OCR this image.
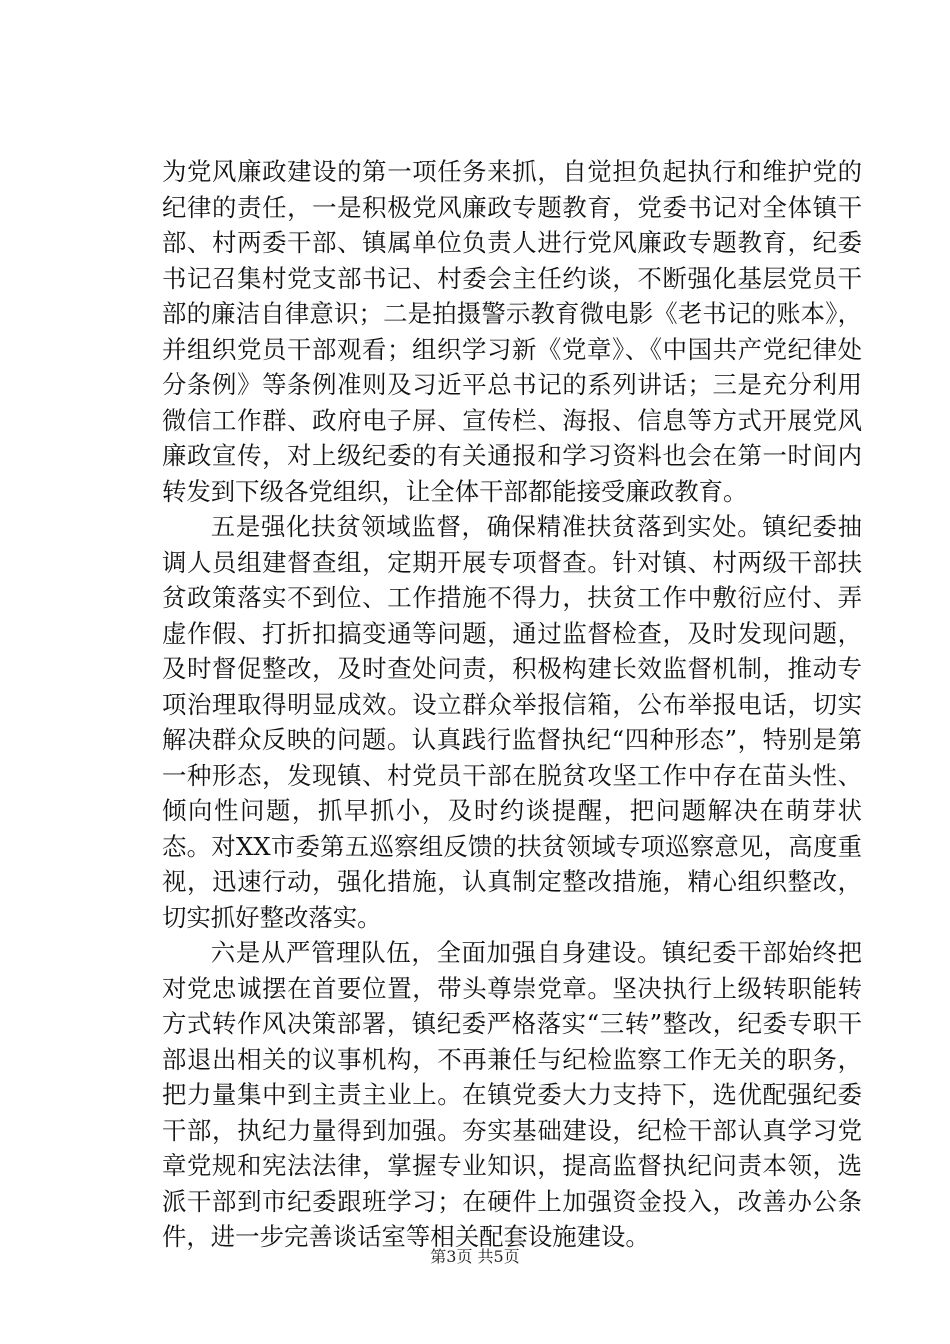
为党风廉政建设的第一项任务来抓，自觉担负起执行和维护党的纪律的责任，一是积极党风廉政专题教育，党委书记对全体镇干部、村两委干部、镇属单位负责人进行党风廉政专题教育，纪委书记召集村党支部书记、村委会主任约谈，不断强化基层党员干部的廉洁自律意识；二是拍摄警示教育微电影《老书记的账本》，并组织党员干部观看；组织学习新《党章》、《中国共产党纪律处分条例》等条例准则及习近平总书记的系列讲话；三是充分利用微信工作群、政府电子屏、宣传栏、海报、信息等方式开展党风廉政宣传，对上级纪委的有关通报和学习资料也会在第一时间内转发到下级各党组织，让全体干部都能接受廉政教育。

五是强化扶贫领域监督，确保精准扶贫落到实处。镇纪委抽调人员组建督查组，定期开展专项督查。针对镇、村两级干部扶贫政策落实不到位、工作措施不得力，扶贫工作中敷衍应付、弄虚作假、打折扣搞变通等问题，通过监督检查，及时发现问题，及时督促整改，及时查处问责，积极构建长效监督机制，推动专项治理取得明显成效。设立群众举报信箱，公布举报电话，切实解决群众反映的问题。认真践行监督执纪“四种形态”，特别是第一种形态，发现镇、村党员干部在脱贫攻坚工作中存在苗头性、倾向性问题，抓早抓小，及时约谈提醒，把问题解决在萌芽状态。对XX市委第五巡察组反馈的扶贫领域专项巡察意见，高度重视，迅速行动，强化措施，认真制定整改措施，精心组织整改，切实抓好整改落实。

六是从严管理队伍，全面加强自身建设。镇纪委干部始终把对党忠诚摆在首要位置，带头尊崇党章。坚决执行上级转职能转方式转作风决策部署，镇纪委严格落实“三转”整改，纪委专职干部退出相关的议事机构，不再兼任与纪检监察工作无关的职务，把力量集中到主责主业上。在镇党委大力支持下，选优配强纪委干部，执纪力量得到加强。夯实基础建设，纪检干部认真学习党章党规和宪法法律，掌握专业知识，提高监督执纪问责本领，选派干部到市纪委跟班学习；在硬件上加强资金投入，改善办公条件，进一步完善谈话室等相关配套设施建设。

第3页 共5页
